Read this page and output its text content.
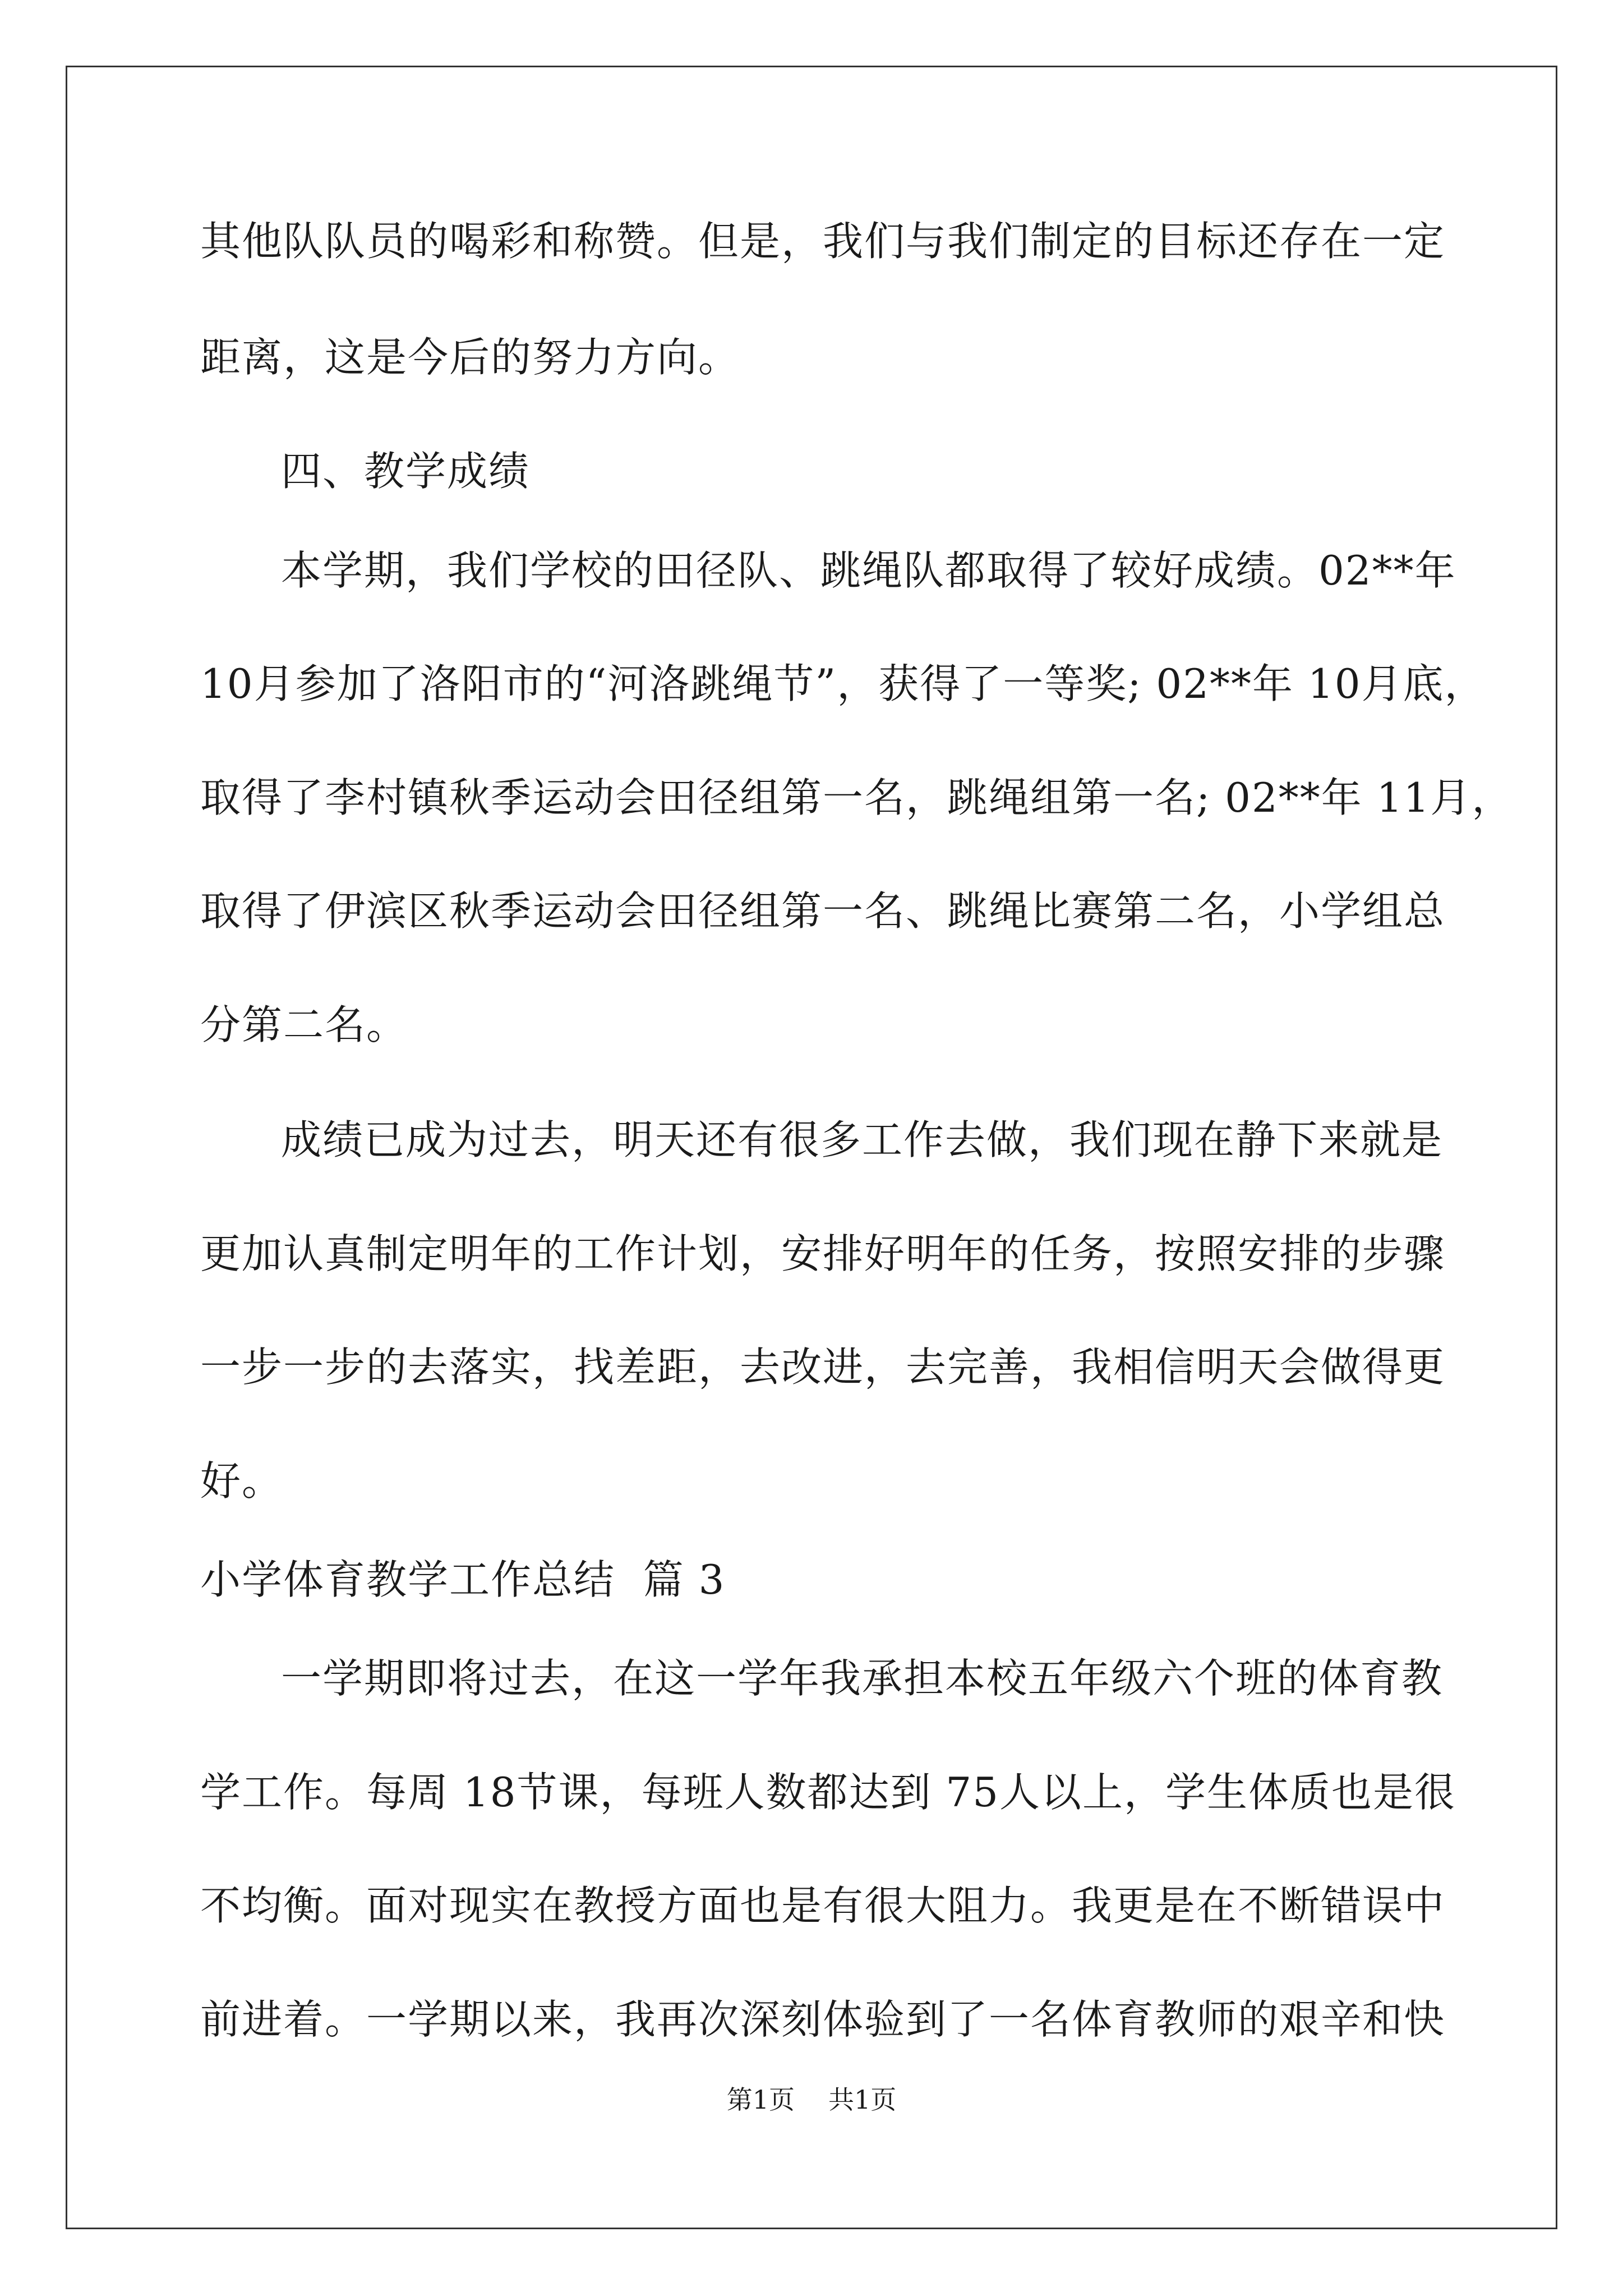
其他队队员的喝彩和称赞。但是，我们与我们制定的目标还存在一定
距离，这是今后的努力方向。
四、教学成绩
本学期，我们学校的田径队、跳绳队都取得了较好成绩。02**年
10月参加了洛阳市的“河洛跳绳节”，获得了一等奖; 02**年 10月底，
取得了李村镇秋季运动会田径组第一名，跳绳组第一名; 02**年 11月，
取得了伊滨区秋季运动会田径组第一名、跳绳比赛第二名，小学组总
分第二名。
成绩已成为过去，明天还有很多工作去做，我们现在静下来就是
更加认真制定明年的工作计划，安排好明年的任务，按照安排的步骤
一步一步的去落实，找差距，去改进，去完善，我相信明天会做得更
好。
小学体育教学工作总结  篇 3
一学期即将过去，在这一学年我承担本校五年级六个班的体育教
学工作。每周 18节课，每班人数都达到 75人以上，学生体质也是很
不均衡。面对现实在教授方面也是有很大阻力。我更是在不断错误中
前进着。一学期以来，我再次深刻体验到了一名体育教师的艰辛和快
第1页 共1页
